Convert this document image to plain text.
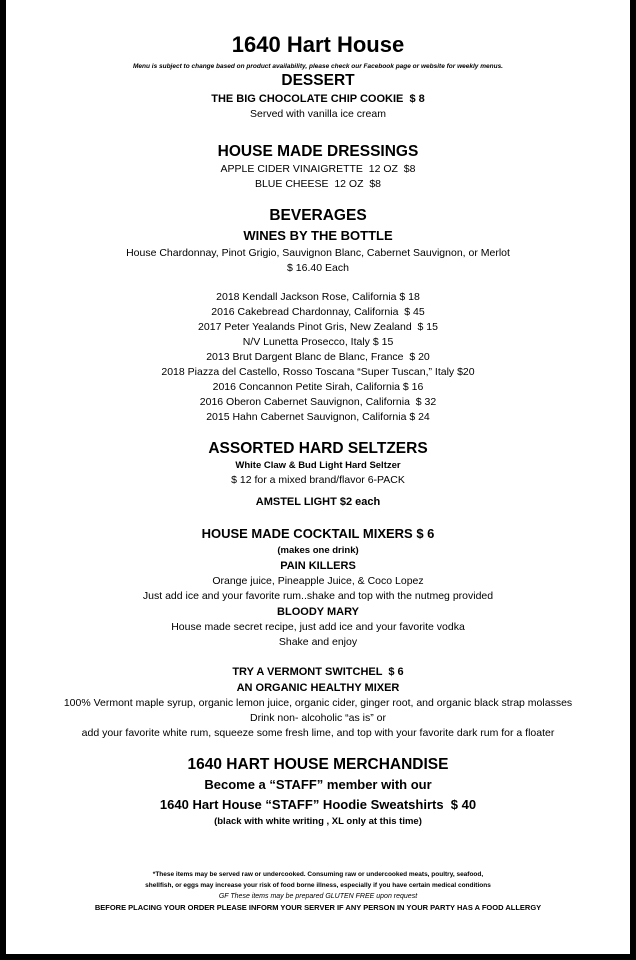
1640 Hart House
Menu is subject to change based on product availability, please check our Facebook page or website for weekly menus.
DESSERT
THE BIG CHOCOLATE CHIP COOKIE  $ 8
Served with vanilla ice cream
HOUSE MADE DRESSINGS
APPLE CIDER VINAIGRETTE  12 OZ  $8
BLUE CHEESE  12 OZ  $8
BEVERAGES
WINES BY THE BOTTLE
House Chardonnay, Pinot Grigio, Sauvignon Blanc, Cabernet Sauvignon, or Merlot
$ 16.40 Each
2018 Kendall Jackson Rose, California $ 18
2016 Cakebread Chardonnay, California  $ 45
2017 Peter Yealands Pinot Gris, New Zealand  $ 15
N/V Lunetta Prosecco, Italy $ 15
2013 Brut Dargent Blanc de Blanc, France  $ 20
2018 Piazza del Castello, Rosso Toscana “Super Tuscan,” Italy $20
2016 Concannon Petite Sirah, California $ 16
2016 Oberon Cabernet Sauvignon, California  $ 32
2015 Hahn Cabernet Sauvignon, California $ 24
ASSORTED HARD SELTZERS
White Claw & Bud Light Hard Seltzer
$ 12 for a mixed brand/flavor 6-PACK
AMSTEL LIGHT $2 each
HOUSE MADE COCKTAIL MIXERS $ 6
(makes one drink)
PAIN KILLERS
Orange juice, Pineapple Juice, & Coco Lopez
Just add ice and your favorite rum..shake and top with the nutmeg provided
BLOODY MARY
House made secret recipe, just add ice and your favorite vodka
Shake and enjoy
TRY A VERMONT SWITCHEL  $ 6
AN ORGANIC HEALTHY MIXER
100% Vermont maple syrup, organic lemon juice, organic cider, ginger root, and organic black strap molasses
Drink non- alcoholic “as is” or
add your favorite white rum, squeeze some fresh lime, and top with your favorite dark rum for a floater
1640 HART HOUSE MERCHANDISE
Become a “STAFF” member with our
1640 Hart House “STAFF” Hoodie Sweatshirts  $ 40
(black with white writing , XL only at this time)
*These items may be served raw or undercooked. Consuming raw or undercooked meats, poultry, seafood,
shellfish, or eggs may increase your risk of food borne illness, especially if you have certain medical conditions
GF These items may be prepared GLUTEN FREE upon request
BEFORE PLACING YOUR ORDER PLEASE INFORM YOUR SERVER IF ANY PERSON IN YOUR PARTY HAS A FOOD ALLERGY
